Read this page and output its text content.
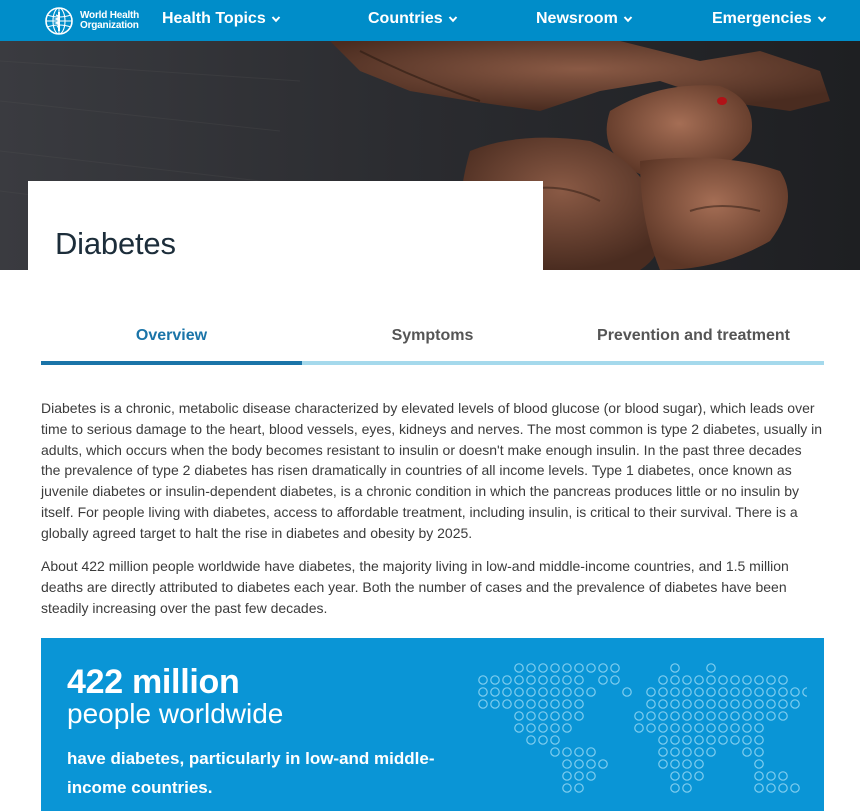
World Health
Organization Health Topics	Countries	Newsroom	Emergencies
Diabetes
Overview	Symptoms	Prevention and treatment

Diabetes is a chronic, metabolic disease characterized by elevated levels of blood glucose (or blood sugar), which leads over time to serious damage to the heart, blood vessels, eyes, kidneys and nerves. The most common is type 2 diabetes, usually in adults, which occurs when the body becomes resistant to insulin or doesn't make enough insulin. In the past three decades the prevalence of type 2 diabetes has risen dramatically in countries of all income levels. Type 1 diabetes, once known as juvenile diabetes or insulin-dependent diabetes, is a chronic condition in which the pancreas produces little or no insulin by itself. For people living with diabetes, access to affordable treatment, including insulin, is critical to their survival. There is a globally agreed target to halt the rise in diabetes and obesity by 2025.

About 422 million people worldwide have diabetes, the majority living in low-and middle-income countries, and 1.5 million deaths are directly attributed to diabetes each year. Both the number of cases and the prevalence of diabetes have been steadily increasing over the past few decades.

422 million
people worldwide
have diabetes, particularly in low-and middle-income countries.
